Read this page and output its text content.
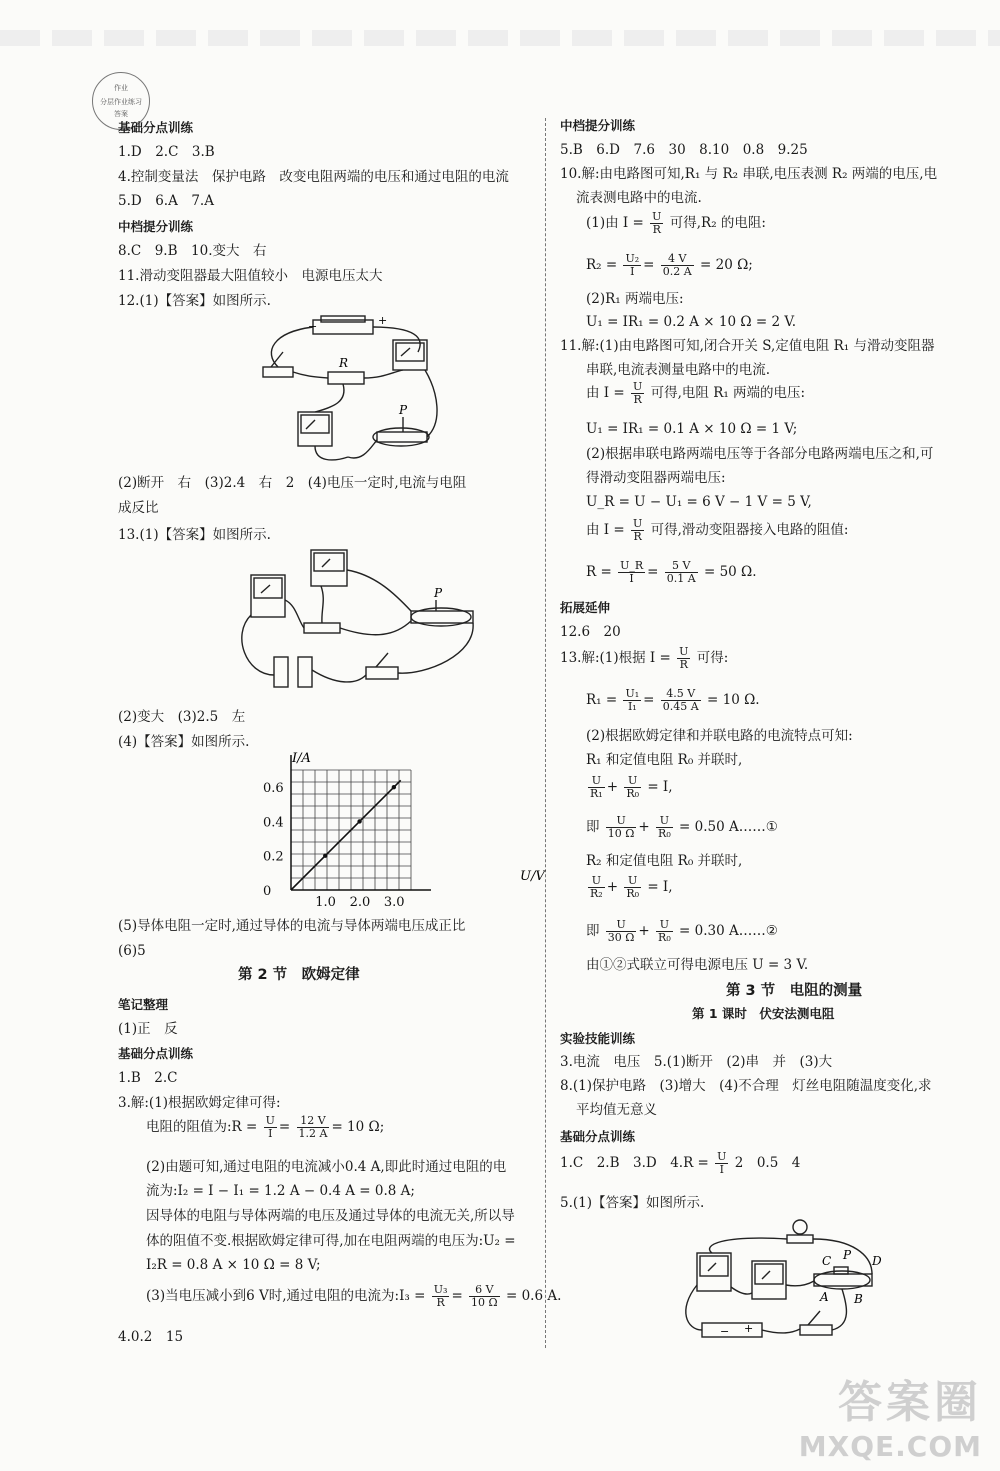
作业
分层作业练习
答案
基础分点训练
1.D　2.C　3.B
4.控制变量法　保护电路　改变电阻两端的电压和通过电阻的电流
5.D　6.A　7.A
中档提分训练
8.C　9.B　10.变大　右
11.滑动变阻器最大阻值较小　电源电压太大
12.(1)【答案】如图所示.
−	+
R
P
(2)断开　右　(3)2.4　右　2　(4)电压一定时,电流与电阻
成反比
13.(1)【答案】如图所示.
P
(2)变大　(3)2.5　左
(4)【答案】如图所示.
0.6
0.4
0.2
0
1.0 2.0 3.0
I/A
U/V
(5)导体电阻一定时,通过导体的电流与导体两端电压成正比
(6)5
第 2 节　欧姆定律
笔记整理
(1)正　反
基础分点训练
1.B　2.C
3.解:(1)根据欧姆定律可得:
电阻的阻值为:R = $\frac{U}{I} = \frac{12 V}{1.2 A} = 10$ Ω;
(2)由题可知,通过电阻的电流减小0.4 A,即此时通过电阻的电
流为:I₂ = I − I₁ = 1.2 A − 0.4 A = 0.8 A;
因导体的电阻与导体两端的电压及通过导体的电流无关,所以导
体的阻值不变.根据欧姆定律可得,加在电阻两端的电压为:U₂ =
I₂R = 0.8 A × 10 Ω = 8 V;
(3)当电压减小到6 V时,通过电阻的电流为:I₃ = $\frac{\text{U₃}}{R} = \frac{6 V}{10 \Omega} = 0.6$ A.
4.0.2　15
中档提分训练
5.B　6.D　7.6　30　8.10　0.8　9.25
10.解:由电路图可知,R₁ 与 R₂ 串联,电压表测 R₂ 两端的电压,电
流表测电路中的电流.
(1)由 $I = \frac{U}{R}$ 可得,R₂ 的电阻:
$R_2 = \frac{\text{U₂}}{I} = \frac{4 V}{0.2 A} = 20$ Ω;
(2)R₁ 两端电压:
U₁ = IR₁ = 0.2 A × 10 Ω = 2 V.
11.解:(1)由电路图可知,闭合开关 S,定值电阻 R₁ 与滑动变阻器
串联,电流表测量电路中的电流.
由 $I = \frac{U}{R}$ 可得,电阻 R₁ 两端的电压:
U₁ = IR₁ = 0.1 A × 10 Ω = 1 V;
(2)根据串联电路两端电压等于各部分电路两端电压之和,可
得滑动变阻器两端电压:
U_R = U − U₁ = 6 V − 1 V = 5 V,
由 $I = \frac{U}{R}$ 可得,滑动变阻器接入电路的阻值:
$R = \frac{U\_R}{I} = \frac{5 V}{0.1 A} = 50$ Ω.
拓展延伸
12.6　20
13.解:(1)根据 $I = \frac{U}{R}$ 可得:
$R_1 = \frac{\text{U₁}}{\text{I₁}} = \frac{4.5 V}{0.45 A} = 10$ Ω.
(2)根据欧姆定律和并联电路的电流特点可知:
R₁ 和定值电阻 R₀ 并联时,
$\frac{U}{\text{R₁}} + \frac{U}{\text{R₀}} = I$,
即 $\frac{U}{10 \Omega} + \frac{U}{\text{R₀}} = 0.50$ A……①
R₂ 和定值电阻 R₀ 并联时,
$\frac{U}{\text{R₂}} + \frac{U}{\text{R₀}} = I$,
即 $\frac{U}{30 \Omega} + \frac{U}{\text{R₀}} = 0.30$ A……②
由①②式联立可得电源电压 U = 3 V.
第 3 节　电阻的测量
第 1 课时　伏安法测电阻
实验技能训练
3.电流　电压　5.(1)断开　(2)串　并　(3)大
8.(1)保护电路　(3)增大　(4)不合理　灯丝电阻随温度变化,求
平均值无意义
基础分点训练
1.C　2.B　3.D　$4.R = \frac{U}{I} 2$　0.5　4
5.(1)【答案】如图所示.
− +
C P D
A B
答案圈
MXQE.COM
